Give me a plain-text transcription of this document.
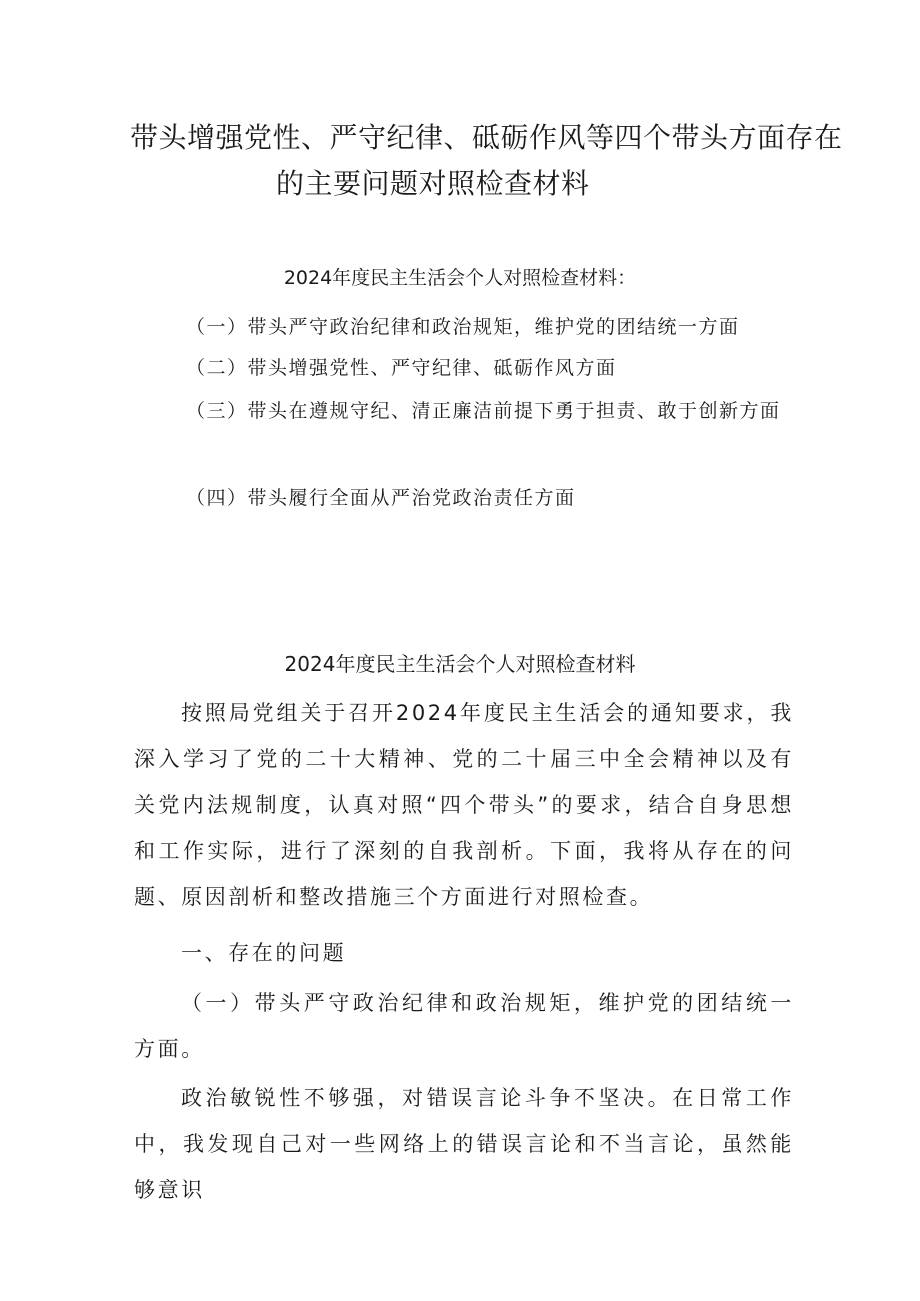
带头增强党性、严守纪律、砥砺作风等四个带头方面存在
的主要问题对照检查材料
2024年度民主生活会个人对照检查材料：
（一）带头严守政治纪律和政治规矩，维护党的团结统一方面
（二）带头增强党性、严守纪律、砥砺作风方面
（三）带头在遵规守纪、清正廉洁前提下勇于担责、敢于创新方面
（四）带头履行全面从严治党政治责任方面
2024年度民主生活会个人对照检查材料
按照局党组关于召开2024年度民主生活会的通知要求，我深入学习了党的二十大精神、党的二十届三中全会精神以及有关党内法规制度，认真对照“四个带头”的要求，结合自身思想和工作实际，进行了深刻的自我剖析。下面，我将从存在的问题、原因剖析和整改措施三个方面进行对照检查。
一、存在的问题
（一）带头严守政治纪律和政治规矩，维护党的团结统一方面。
政治敏锐性不够强，对错误言论斗争不坚决。在日常工作中，我发现自己对一些网络上的错误言论和不当言论，虽然能够意识
